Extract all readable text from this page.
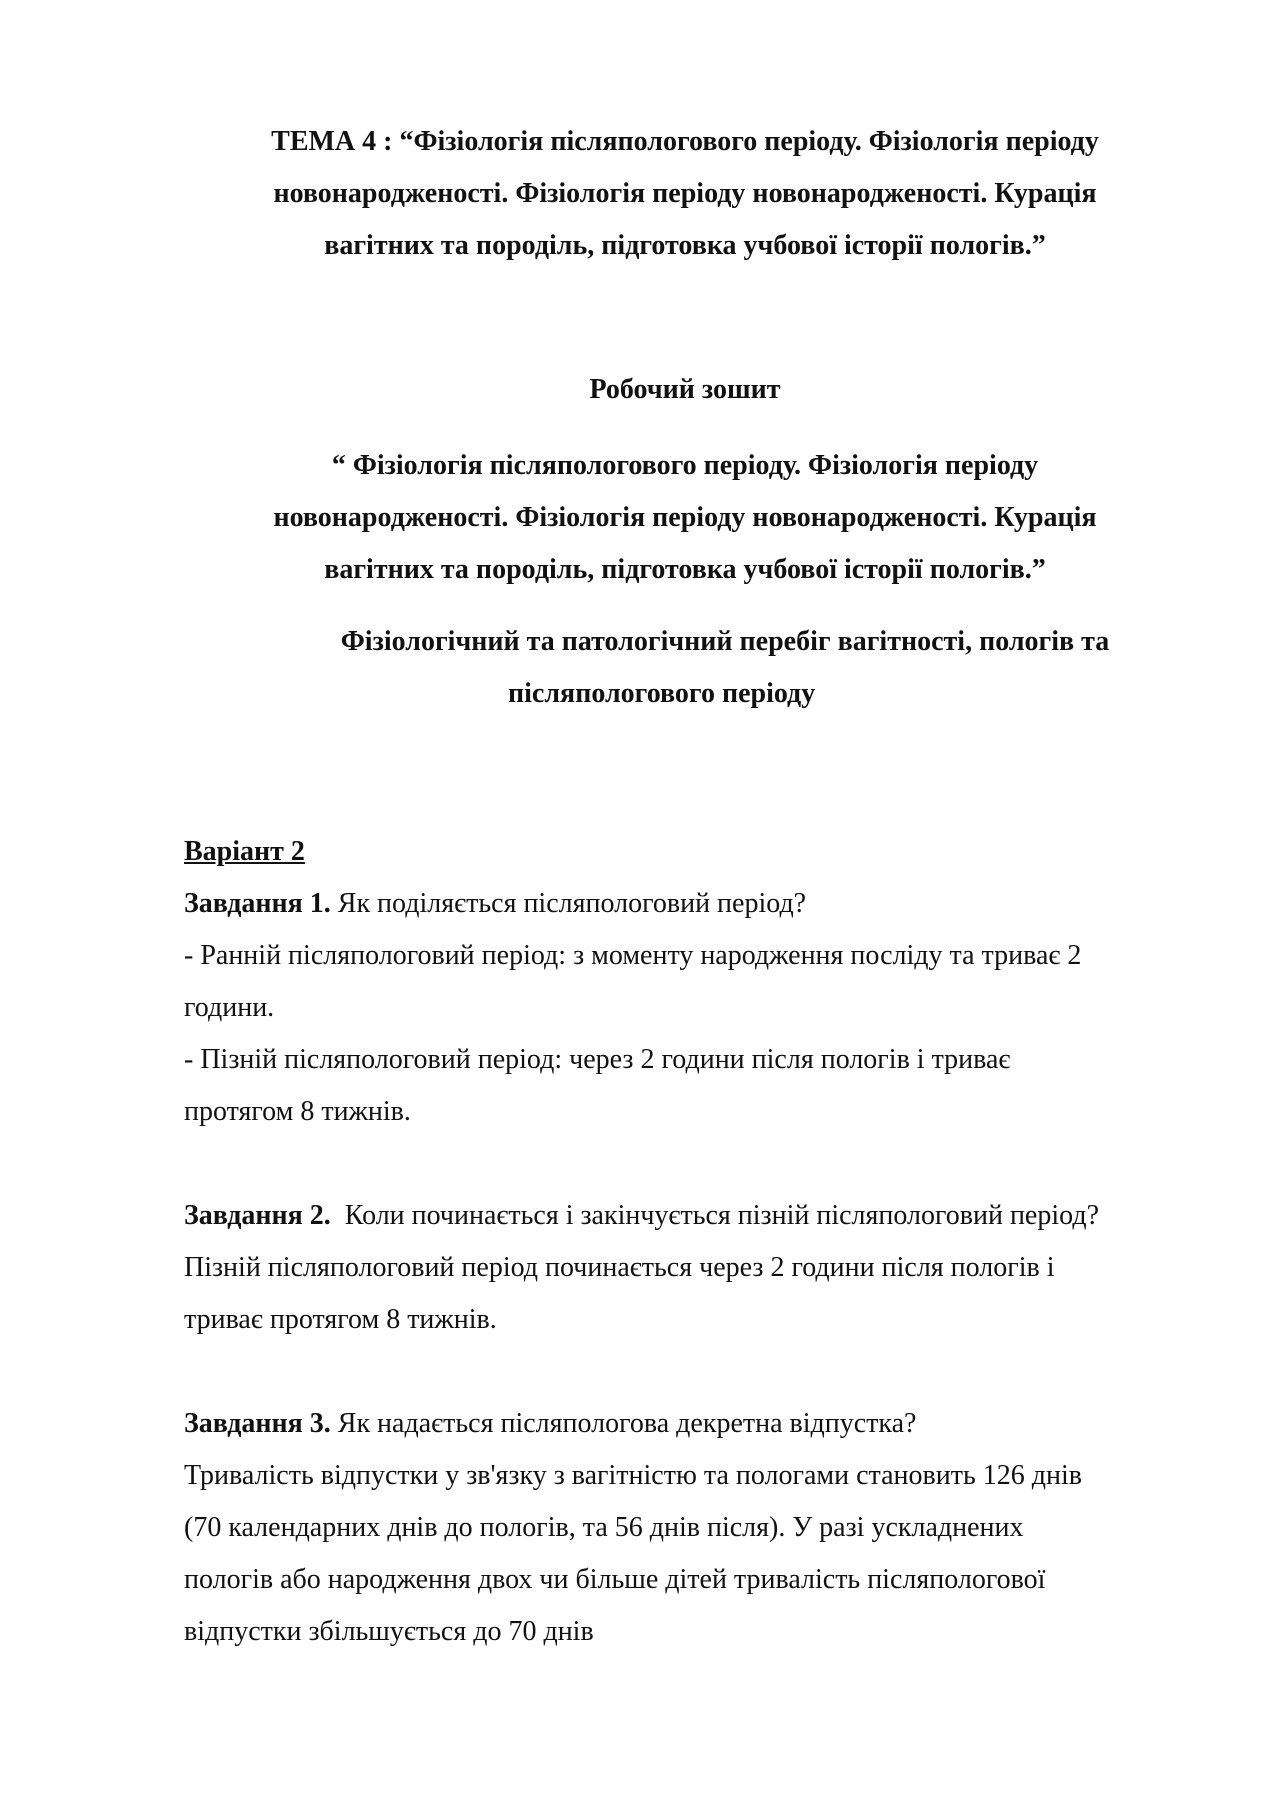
ТЕМА 4 : “Фізіологія післяпологового періоду. Фізіологія періоду
новонародженості. Фізіологія періоду новонародженості. Курація
вагітних та породіль, підготовка учбової історії пологів.”
Робочий зошит
“ Фізіологія післяпологового періоду. Фізіологія періоду
новонародженості. Фізіологія періоду новонародженості. Курація
вагітних та породіль, підготовка учбової історії пологів.”
Фізіологічний та патологічний перебіг вагітності, пологів та
післяпологового періоду
Варіант 2
Завдання 1. Як поділяється післяпологовий період?
- Ранній післяпологовий період: з моменту народження посліду та триває 2
години.
- Пізній післяпологовий період: через 2 години після пологів і триває
протягом 8 тижнів.
Завдання 2.  Коли починається і закінчується пізній післяпологовий період?
Пізній післяпологовий період починається через 2 години після пологів і
триває протягом 8 тижнів.
Завдання 3. Як надається післяпологова декретна відпустка?
Тривалість відпустки у зв'язку з вагітністю та пологами становить 126 днів
(70 календарних днів до пологів, та 56 днів після). У разі ускладнених
пологів або народження двох чи більше дітей тривалість післяпологової
відпустки збільшується до 70 днів
